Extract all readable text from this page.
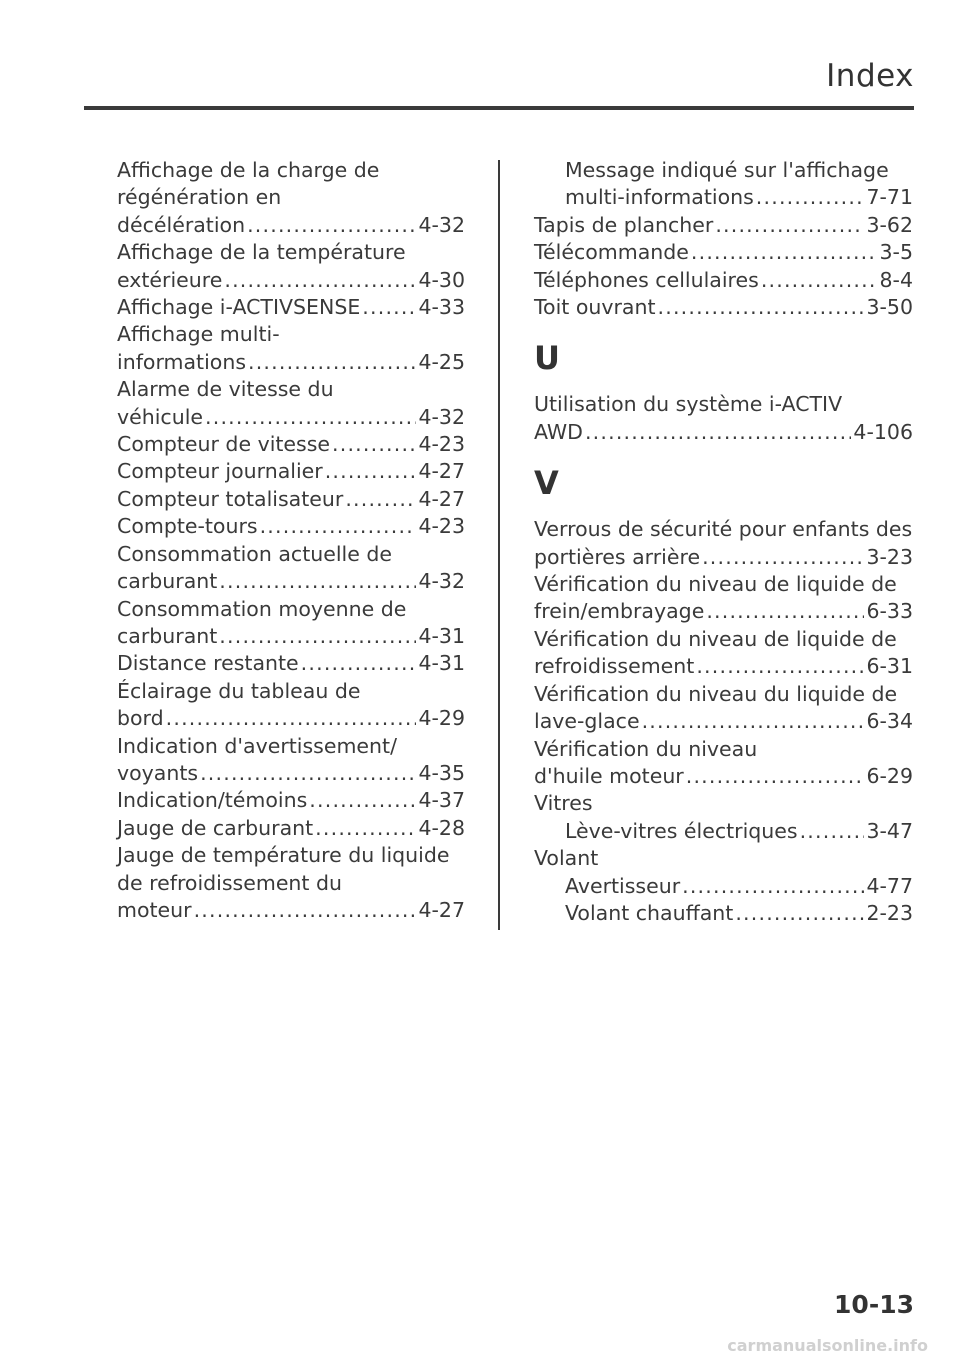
Index
Affichage de la charge de
régénération en
décélération .....	4-32
Affichage de la température
extérieure .....	4-30
Affichage i-ACTIVSENSE .....	4-33
Affichage multi-
informations .....	4-25
Alarme de vitesse du
véhicule .....	4-32
Compteur de vitesse .....	4-23
Compteur journalier .....	4-27
Compteur totalisateur .....	4-27
Compte-tours .....	4-23
Consommation actuelle de
carburant .....	4-32
Consommation moyenne de
carburant .....	4-31
Distance restante .....	4-31
Éclairage du tableau de
bord .....	4-29
Indication d'avertissement/
voyants .....	4-35
Indication/témoins .....	4-37
Jauge de carburant .....	4-28
Jauge de température du liquide
de refroidissement du
moteur .....	4-27
Message indiqué sur l'affichage
multi-informations .....	7-71
Tapis de plancher .....	3-62
Télécommande .....	3-5
Téléphones cellulaires .....	8-4
Toit ouvrant .....	3-50
U
Utilisation du système i-ACTIV
AWD .....	4-106
V
Verrous de sécurité pour enfants des
portières arrière .....	3-23
Vérification du niveau de liquide de
frein/embrayage .....	6-33
Vérification du niveau de liquide de
refroidissement .....	6-31
Vérification du niveau du liquide de
lave-glace .....	6-34
Vérification du niveau
d'huile moteur .....	6-29
Vitres
Lève-vitres électriques .....	3-47
Volant
Avertisseur .....	4-77
Volant chauffant .....	2-23
10-13
carmanualsonline.info
